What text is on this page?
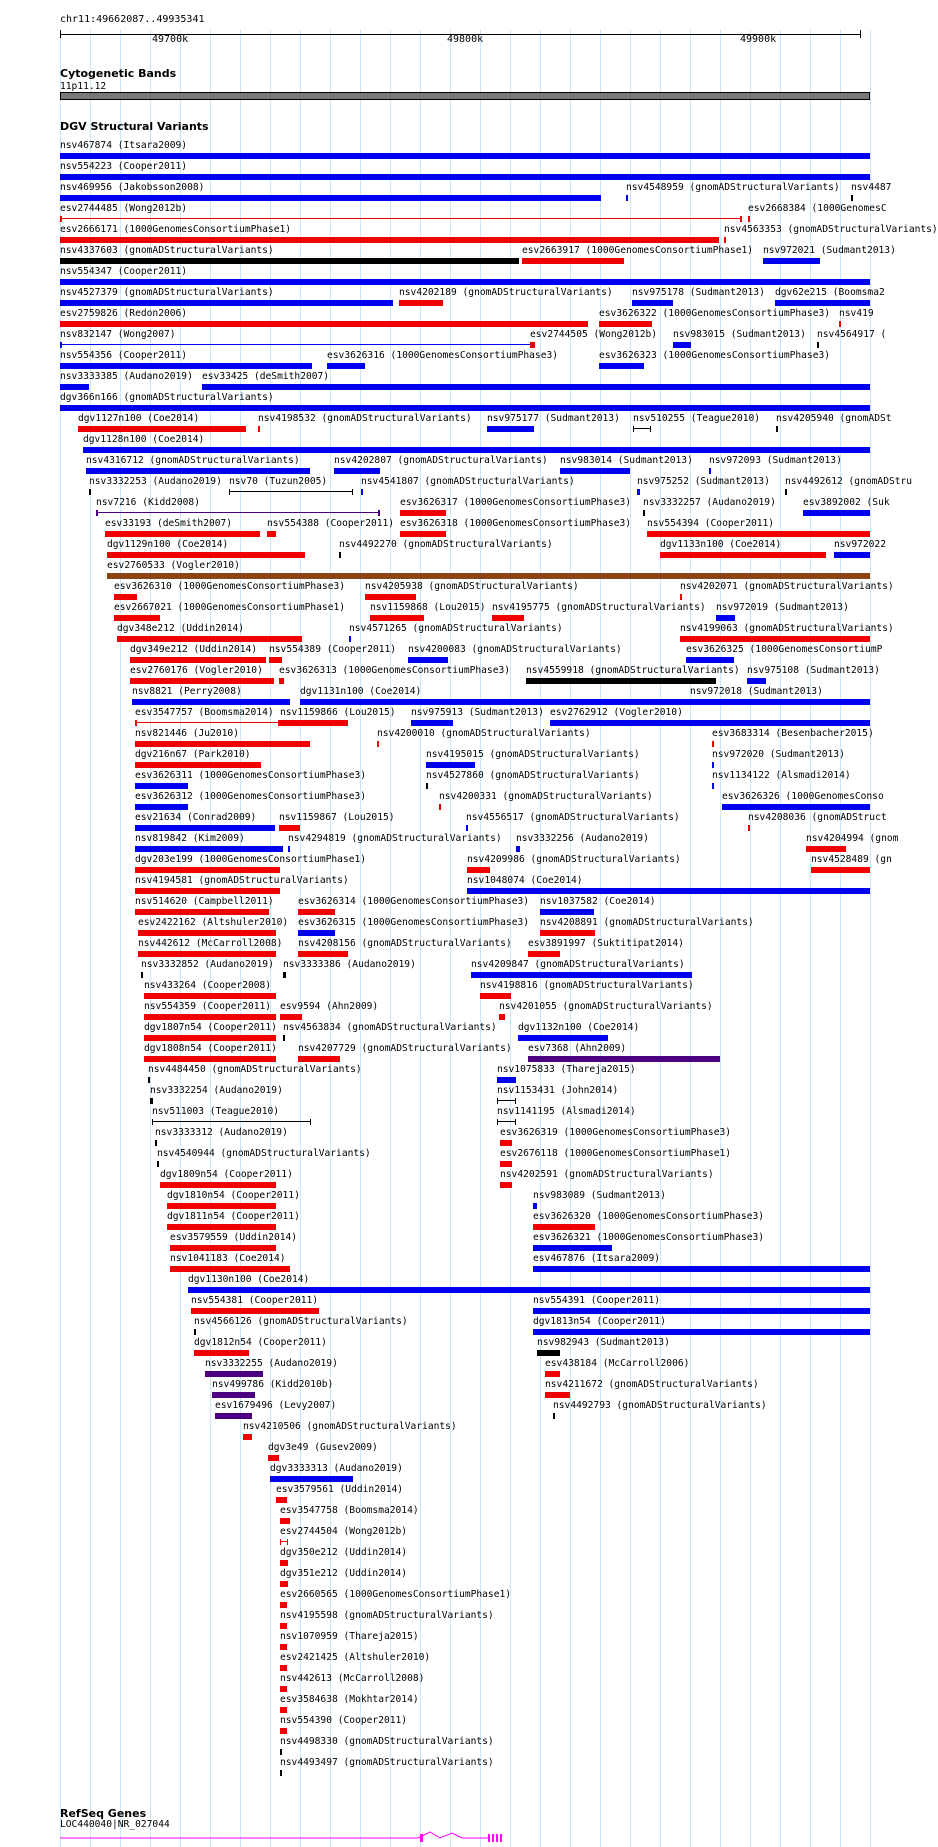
chr11:49662087..49935341
49700k	49800k	49900k
Cytogenetic Bands
11p11.12
DGV Structural Variants
nsv467874 (Itsara2009)
nsv554223 (Cooper2011)
nsv469956 (Jakobsson2008)	nsv4548959 (gnomADStructuralVariants) nsv4487
esv2744485 (Wong2012b)	esv2668384 (1000GenomesC
esv2666171 (1000GenomesConsortiumPhase1)	nsv4563353 (gnomADStructuralVariants)
nsv4337603 (gnomADStructuralVariants)	esv2663917 (1000GenomesConsortiumPhase1) nsv972021 (Sudmant2013)
nsv554347 (Cooper2011)
nsv4527379 (gnomADStructuralVariants)	nsv4202189 (gnomADStructuralVariants) nsv975178 (Sudmant2013) dgv62e215 (Boomsma2
esv2759826 (Redon2006)	esv3626322 (1000GenomesConsortiumPhase3) nsv419
nsv832147 (Wong2007)	esv2744505 (Wong2012b) nsv983015 (Sudmant2013) nsv4564917 (
nsv554356 (Cooper2011)	esv3626316 (1000GenomesConsortiumPhase3)	esv3626323 (1000GenomesConsortiumPhase3)
nsv3333385 (Audano2019) esv33425 (deSmith2007)
dgv366n166 (gnomADStructuralVariants)
dgv1127n100 (Coe2014)	nsv4198532 (gnomADStructuralVariants) nsv975177 (Sudmant2013) nsv510255 (Teague2010) nsv4205940 (gnomADSt
dgv1128n100 (Coe2014)
nsv4316712 (gnomADStructuralVariants)	nsv4202807 (gnomADStructuralVariants) nsv983014 (Sudmant2013) nsv972093 (Sudmant2013)
nsv3332253 (Audano2019) nsv70 (Tuzun2005)	nsv4541807 (gnomADStructuralVariants)	nsv975252 (Sudmant2013) nsv4492612 (gnomADStru
nsv7216 (Kidd2008)	esv3626317 (1000GenomesConsortiumPhase3) nsv3332257 (Audano2019)	esv3892002 (Suk
esv33193 (deSmith2007)	nsv554388 (Cooper2011) esv3626318 (1000GenomesConsortiumPhase3) nsv554394 (Cooper2011)
dgv1129n100 (Coe2014)	nsv4492270 (gnomADStructuralVariants)	dgv1133n100 (Coe2014)	nsv972022
esv2760533 (Vogler2010)
esv3626310 (1000GenomesConsortiumPhase3) nsv4205938 (gnomADStructuralVariants)	nsv4202071 (gnomADStructuralVariants)
esv2667021 (1000GenomesConsortiumPhase1)	nsv1159868 (Lou2015) nsv4195775 (gnomADStructuralVariants) nsv972019 (Sudmant2013)
dgv348e212 (Uddin2014)	nsv4571265 (gnomADStructuralVariants)	nsv4199063 (gnomADStructuralVariants)
dgv349e212 (Uddin2014) nsv554389 (Cooper2011) nsv4200083 (gnomADStructuralVariants)	esv3626325 (1000GenomesConsortiumP
esv2760176 (Vogler2010) esv3626313 (1000GenomesConsortiumPhase3) nsv4559918 (gnomADStructuralVariants) nsv975108 (Sudmant2013)
nsv8821 (Perry2008)	dgv1131n100 (Coe2014)	nsv972018 (Sudmant2013)
esv3547757 (Boomsma2014) nsv1159866 (Lou2015) nsv975913 (Sudmant2013) esv2762912 (Vogler2010)
nsv821446 (Ju2010)	nsv4200010 (gnomADStructuralVariants)	esv3683314 (Besenbacher2015)
dgv216n67 (Park2010)	nsv4195015 (gnomADStructuralVariants)	nsv972020 (Sudmant2013)
esv3626311 (1000GenomesConsortiumPhase3)	nsv4527860 (gnomADStructuralVariants)	nsv1134122 (Alsmadi2014)
esv3626312 (1000GenomesConsortiumPhase3)	nsv4200331 (gnomADStructuralVariants)	esv3626326 (1000GenomesConso
esv21634 (Conrad2009) nsv1159867 (Lou2015)	nsv4556517 (gnomADStructuralVariants)	nsv4208036 (gnomADStruct
nsv819842 (Kim2009)	nsv4294819 (gnomADStructuralVariants) nsv3332256 (Audano2019)	nsv4204994 (gnom
dgv203e199 (1000GenomesConsortiumPhase1)	nsv4209986 (gnomADStructuralVariants)	nsv4528489 (gn
nsv4194581 (gnomADStructuralVariants)	nsv1048074 (Coe2014)
nsv514620 (Campbell2011)	esv3626314 (1000GenomesConsortiumPhase3) nsv1037582 (Coe2014)
esv2422162 (Altshuler2010) esv3626315 (1000GenomesConsortiumPhase3) nsv4208891 (gnomADStructuralVariants)
nsv442612 (McCarroll2008) nsv4208156 (gnomADStructuralVariants) esv3891997 (Suktitipat2014)
nsv3332852 (Audano2019) nsv3333386 (Audano2019)	nsv4209847 (gnomADStructuralVariants)
nsv433264 (Cooper2008)	nsv4198816 (gnomADStructuralVariants)
nsv554359 (Cooper2011) esv9594 (Ahn2009)	nsv4201055 (gnomADStructuralVariants)
dgv1807n54 (Cooper2011) nsv4563834 (gnomADStructuralVariants) dgv1132n100 (Coe2014)
dgv1808n54 (Cooper2011) nsv4207729 (gnomADStructuralVariants) esv7368 (Ahn2009)
nsv4484450 (gnomADStructuralVariants)	nsv1075833 (Thareja2015)
nsv3332254 (Audano2019)	nsv1153431 (John2014)
nsv511003 (Teague2010)	nsv1141195 (Alsmadi2014)
nsv3333312 (Audano2019)	esv3626319 (1000GenomesConsortiumPhase3)
nsv4540944 (gnomADStructuralVariants)	esv2676118 (1000GenomesConsortiumPhase1)
dgv1809n54 (Cooper2011)	nsv4202591 (gnomADStructuralVariants)
dgv1810n54 (Cooper2011)	nsv983089 (Sudmant2013)
dgv1811n54 (Cooper2011)	esv3626320 (1000GenomesConsortiumPhase3)
esv3579559 (Uddin2014)	esv3626321 (1000GenomesConsortiumPhase3)
nsv1041183 (Coe2014)	esv467876 (Itsara2009)
dgv1130n100 (Coe2014)
nsv554381 (Cooper2011)	nsv554391 (Cooper2011)
nsv4566126 (gnomADStructuralVariants)	dgv1813n54 (Cooper2011)
dgv1812n54 (Cooper2011)	nsv982943 (Sudmant2013)
nsv3332255 (Audano2019)	esv438184 (McCarroll2006)
nsv499786 (Kidd2010b)	nsv4211672 (gnomADStructuralVariants)
esv1679496 (Levy2007)	nsv4492793 (gnomADStructuralVariants)
nsv4210506 (gnomADStructuralVariants)
dgv3e49 (Gusev2009)
dgv3333313 (Audano2019)
esv3579561 (Uddin2014)
esv3547758 (Boomsma2014)
esv2744504 (Wong2012b)
dgv350e212 (Uddin2014)
dgv351e212 (Uddin2014)
esv2660565 (1000GenomesConsortiumPhase1)
nsv4195598 (gnomADStructuralVariants)
nsv1070959 (Thareja2015)
esv2421425 (Altshuler2010)
nsv442613 (McCarroll2008)
esv3584638 (Mokhtar2014)
nsv554390 (Cooper2011)
nsv4498330 (gnomADStructuralVariants)
nsv4493497 (gnomADStructuralVariants)
RefSeq Genes
LOC440040|NR_027044
